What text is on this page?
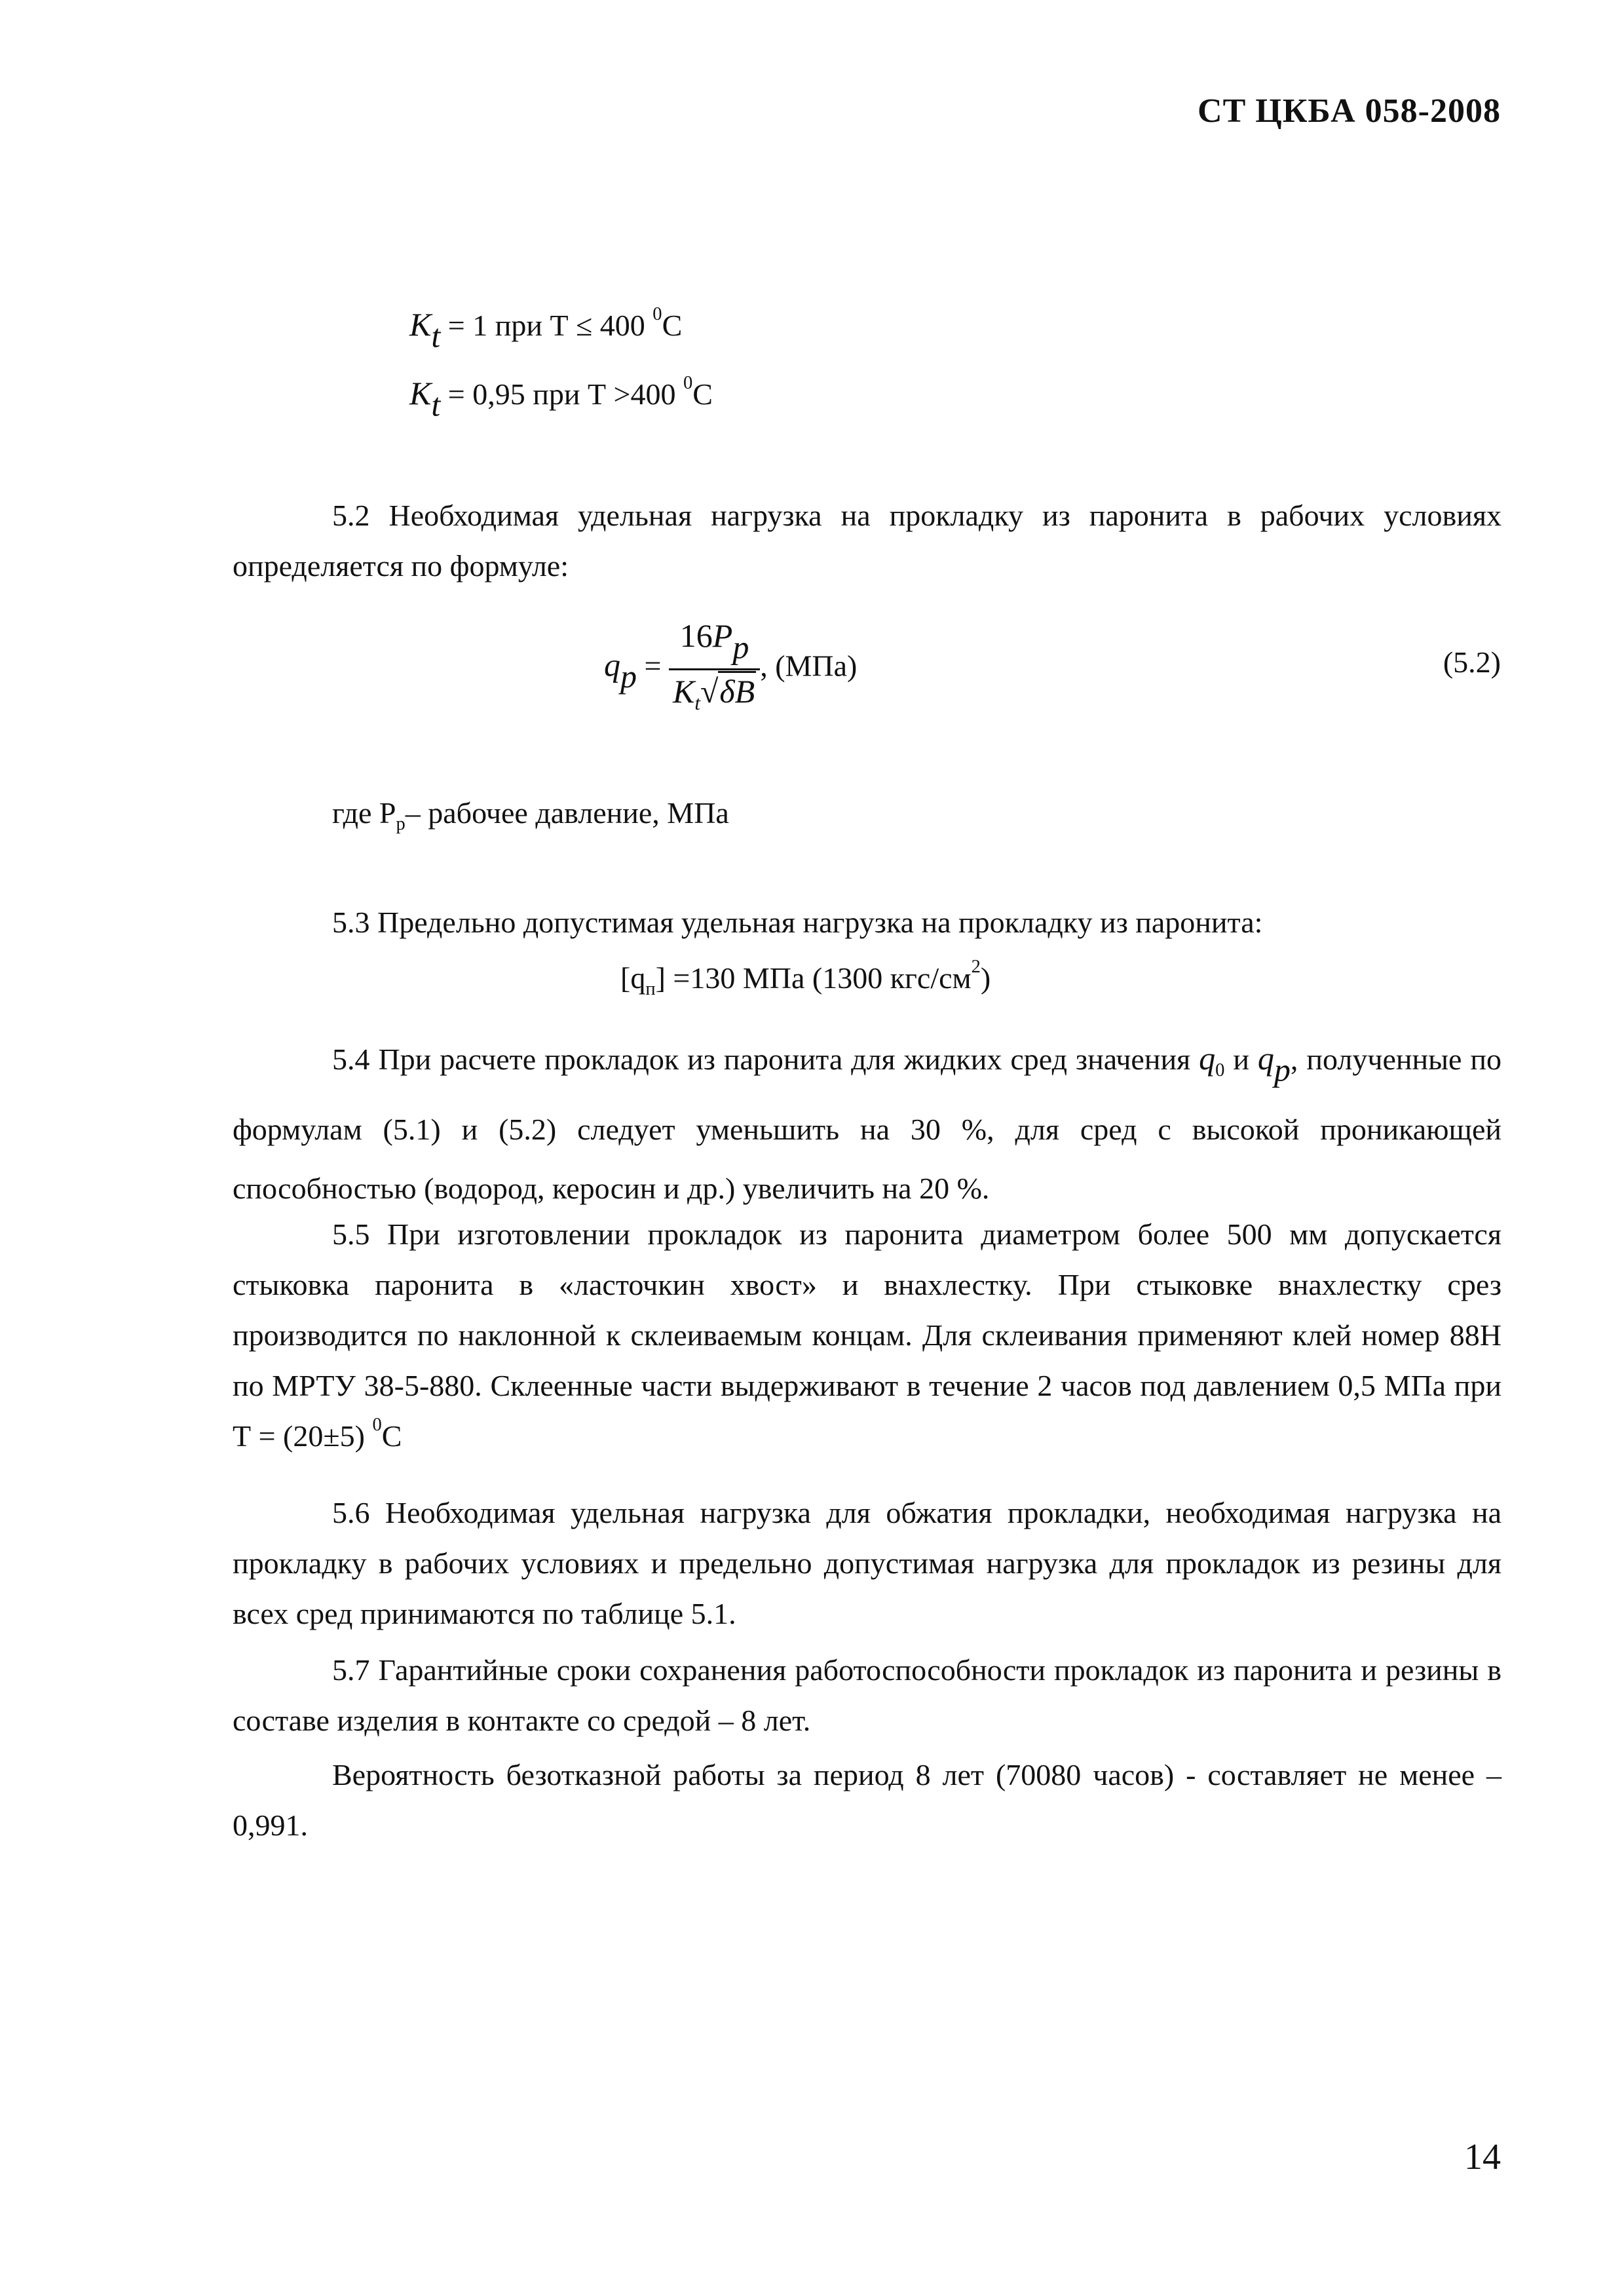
СТ ЦКБА 058-2008
$K_t = 1$ при Т ≤ 400 $^0$С
$K_t = 0,95$ при Т >400 $^0$С
5.2 Необходимая удельная нагрузка на прокладку из паронита в рабочих условиях определяется по формуле:
$q_p = \frac{16P_p}{K_t√\delta B}$ , (МПа)	(5.2)
где $Р_р-$ рабочее давление, МПа
5.3 Предельно допустимая удельная нагрузка на прокладку из паронита:
$[q_п] =130$ МПа (1300 кгс/$см^2$)
5.4 При расчете прокладок из паронита для жидких сред значения $q_0$ и $q_p$, полученные по формулам (5.1) и (5.2) следует уменьшить на 30 %, для сред с высокой проникающей способностью (водород, керосин и др.) увеличить на 20 %.
5.5 При изготовлении прокладок из паронита диаметром более 500 мм допускается стыковка паронита в «ласточкин хвост» и внахлестку. При стыковке внахлестку срез производится по наклонной к склеиваемым концам. Для склеивания применяют клей номер 88Н по МРТУ 38-5-880. Склеенные части выдерживают в течение 2 часов под давлением 0,5 МПа при Т = (20±5) $^0$С
5.6 Необходимая удельная нагрузка для обжатия прокладки, необходимая нагрузка на прокладку в рабочих условиях и предельно допустимая нагрузка для прокладок из резины для всех сред принимаются по таблице 5.1.
5.7 Гарантийные сроки сохранения работоспособности прокладок из паронита и резины в составе изделия в контакте со средой – 8 лет.
Вероятность безотказной работы за период 8 лет (70080 часов) - составляет не менее – 0,991.
14
